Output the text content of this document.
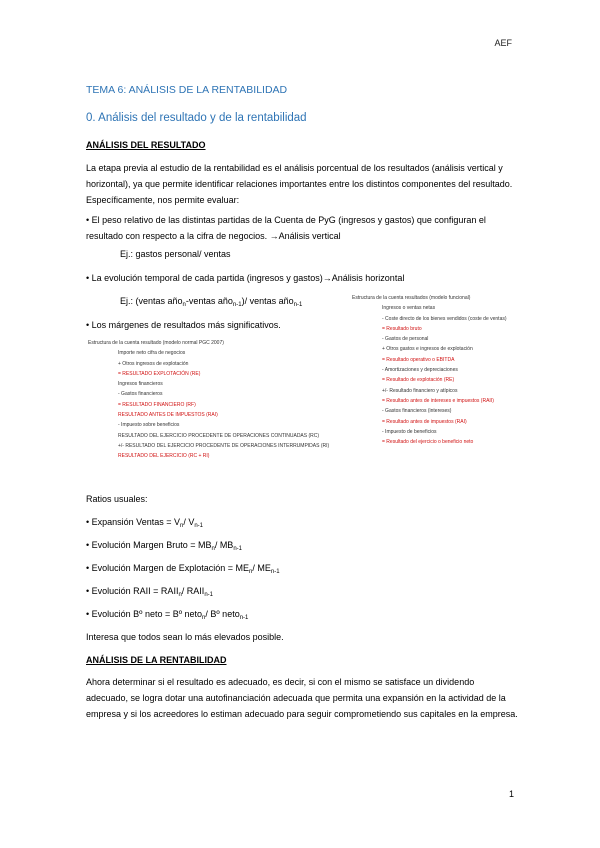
AEF
TEMA 6: ANÁLISIS DE LA RENTABILIDAD
0. Análisis del resultado y de la rentabilidad
ANÁLISIS DEL RESULTADO
La etapa previa al estudio de la rentabilidad es el análisis porcentual de los resultados (análisis vertical y horizontal), ya que permite identificar relaciones importantes entre los distintos componentes del resultado. Específicamente, nos permite evaluar:
• El peso relativo de las distintas partidas de la Cuenta de PyG (ingresos y gastos) que configuran el resultado con respecto a la cifra de negocios. →Análisis vertical
Ej.: gastos personal/ ventas
• La evolución temporal de cada partida (ingresos y gastos)→Análisis horizontal
Ej.: (ventas año$_n$-ventas año$_{n-1}$)/ ventas año$_{n-1}$
• Los márgenes de resultados más significativos.
Estructura de la cuenta resultado (modelo normal PGC 2007)
Importe neto cifra de negocios
+ Otros ingresos de explotación
= RESULTADO EXPLOTACIÓN (RE)
Ingresos financieros
- Gastos financieros
= RESULTADO FINANCIERO (RF)
RESULTADO ANTES DE IMPUESTOS (RAI)
- Impuesto sobre beneficios
RESULTADO DEL EJERCICIO PROCEDENTE DE OPERACIONES CONTINUADAS (RC)
+/- RESULTADO DEL EJERCICIO PROCEDENTE DE OPERACIONES INTERRUMPIDAS (RI)
RESULTADO DEL EJERCICIO (RC + RI)
Estructura de la cuenta resultados (modelo funcional)
Ingresos o ventas netas
- Coste directo de los bienes vendidos (coste de ventas)
= Resultado bruto
- Gastos de personal
+ Otros gastos e ingresos de explotación
= Resultado operativo o EBITDA
- Amortizaciones y depreciaciones
= Resultado de explotación (RE)
+/- Resultado financiero y atípicos
= Resultado antes de intereses e impuestos (RAII)
- Gastos financieros (intereses)
= Resultado antes de impuestos (RAI)
- Impuesto de beneficios
= Resultado del ejercicio o beneficio neto
Ratios usuales:
• Expansión Ventas = $V_n/$ $V_{n-1}$
• Evolución Margen Bruto = $MB_n/$ $MB_{n-1}$
• Evolución Margen de Explotación = $ME_n/$ $ME_{n-1}$
• Evolución RAII = $RAII_n/$ $RAII_{n-1}$
• Evolución Bº neto = Bº neto$_n$/ Bº neto$_{n-1}$
Interesa que todos sean lo más elevados posible.
ANÁLISIS DE LA RENTABILIDAD
Ahora determinar si el resultado es adecuado, es decir, si con el mismo se satisface un dividendo adecuado, se logra dotar una autofinanciación adecuada que permita una expansión en la actividad de la empresa y si los acreedores lo estiman adecuado para seguir comprometiendo sus capitales en la empresa.
1
